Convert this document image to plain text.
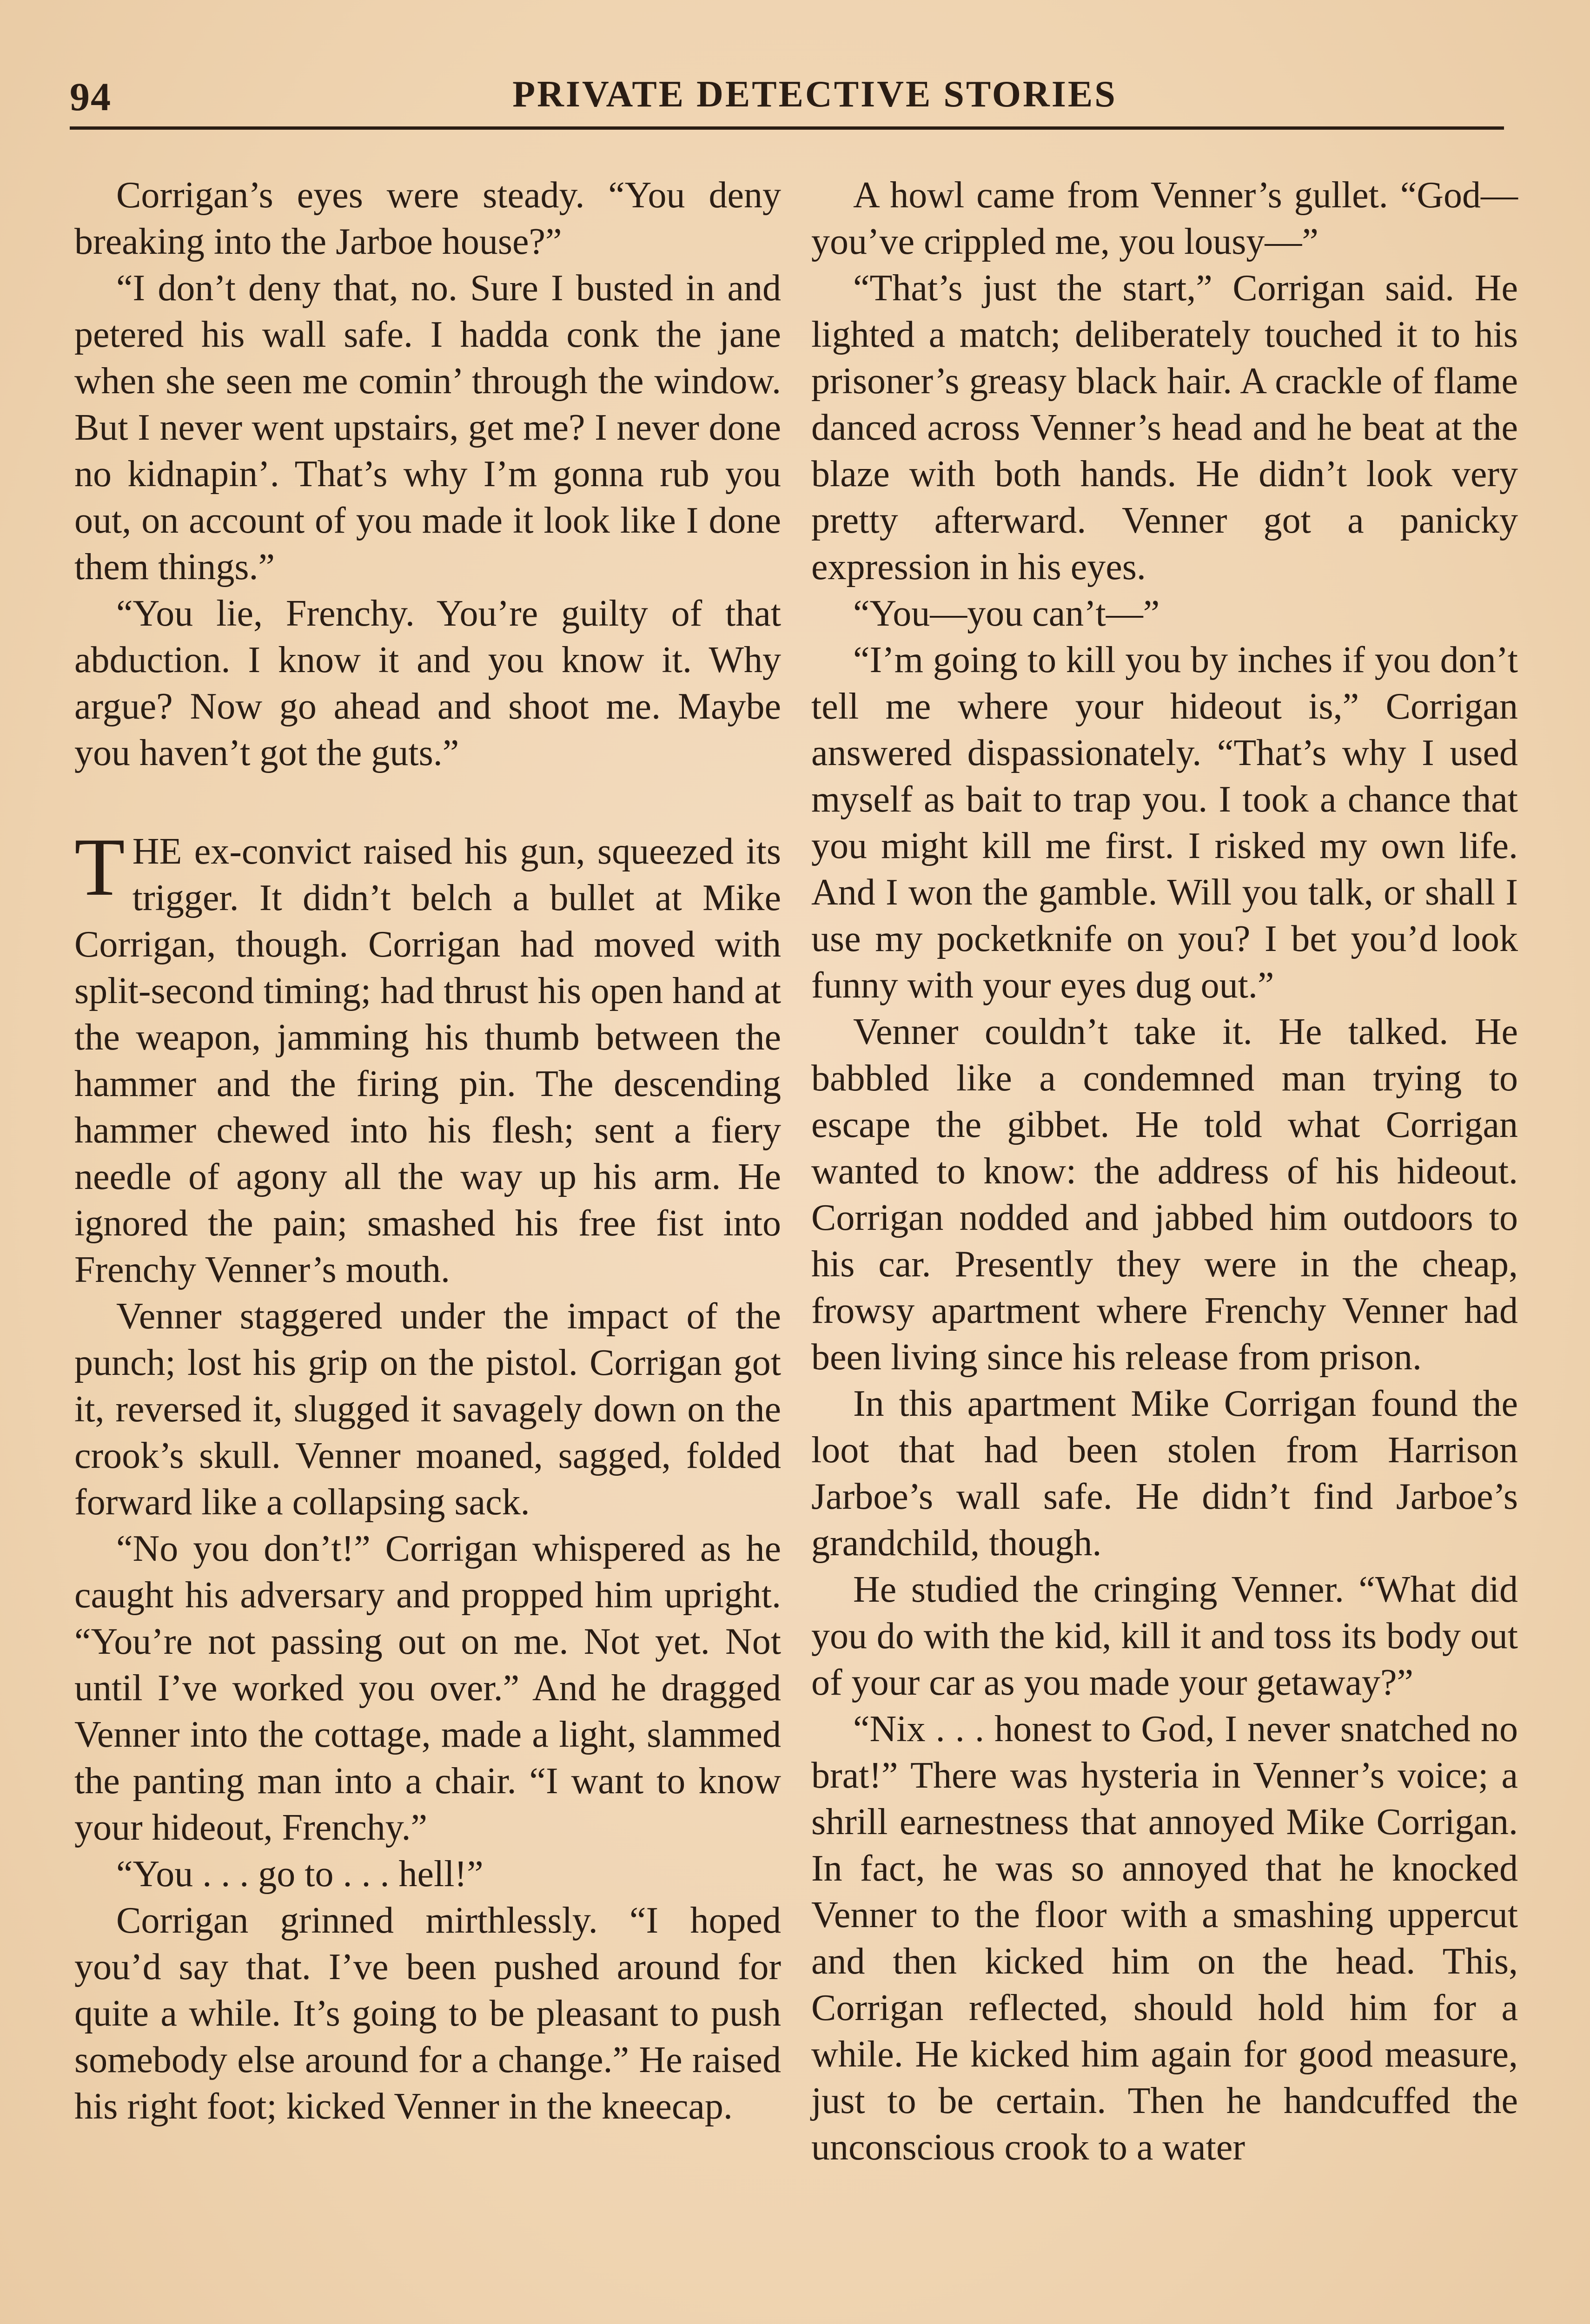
94	PRIVATE DETECTIVE STORIES

Corrigan’s eyes were steady. “You deny breaking into the Jarboe house?”

“I don’t deny that, no. Sure I busted in and petered his wall safe. I hadda conk the jane when she seen me comin’ through the window. But I never went upstairs, get me? I never done no kidnapin’. That’s why I’m gonna rub you out, on account of you made it look like I done them things.”

“You lie, Frenchy. You’re guilty of that abduction. I know it and you know it. Why argue? Now go ahead and shoot me. Maybe you haven’t got the guts.”

THE ex-convict raised his gun, squeezed its trigger. It didn’t belch a bullet at Mike Corrigan, though. Corrigan had moved with split-second timing; had thrust his open hand at the weapon, jamming his thumb between the hammer and the firing pin. The descending hammer chewed into his flesh; sent a fiery needle of agony all the way up his arm. He ignored the pain; smashed his free fist into Frenchy Venner’s mouth.

Venner staggered under the impact of the punch; lost his grip on the pistol. Corrigan got it, reversed it, slugged it savagely down on the crook’s skull. Venner moaned, sagged, folded forward like a collapsing sack.

“No you don’t!” Corrigan whispered as he caught his adversary and propped him upright. “You’re not passing out on me. Not yet. Not until I’ve worked you over.” And he dragged Venner into the cottage, made a light, slammed the panting man into a chair. “I want to know your hideout, Frenchy.”

“You . . . go to . . . hell!”

Corrigan grinned mirthlessly. “I hoped you’d say that. I’ve been pushed around for quite a while. It’s going to be pleasant to push somebody else around for a change.” He raised his right foot; kicked Venner in the kneecap.

A howl came from Venner’s gullet. “God—you’ve crippled me, you lousy—”

“That’s just the start,” Corrigan said. He lighted a match; deliberately touched it to his prisoner’s greasy black hair. A crackle of flame danced across Venner’s head and he beat at the blaze with both hands. He didn’t look very pretty afterward. Venner got a panicky expression in his eyes.

“You—you can’t—”

“I’m going to kill you by inches if you don’t tell me where your hideout is,” Corrigan answered dispassionately. “That’s why I used myself as bait to trap you. I took a chance that you might kill me first. I risked my own life. And I won the gamble. Will you talk, or shall I use my pocketknife on you? I bet you’d look funny with your eyes dug out.”

Venner couldn’t take it. He talked. He babbled like a condemned man trying to escape the gibbet. He told what Corrigan wanted to know: the address of his hideout. Corrigan nodded and jabbed him outdoors to his car. Presently they were in the cheap, frowsy apartment where Frenchy Venner had been living since his release from prison.

In this apartment Mike Corrigan found the loot that had been stolen from Harrison Jarboe’s wall safe. He didn’t find Jarboe’s grandchild, though.

He studied the cringing Venner. “What did you do with the kid, kill it and toss its body out of your car as you made your getaway?”

“Nix . . . honest to God, I never snatched no brat!” There was hysteria in Venner’s voice; a shrill earnestness that annoyed Mike Corrigan. In fact, he was so annoyed that he knocked Venner to the floor with a smashing uppercut and then kicked him on the head. This, Corrigan reflected, should hold him for a while. He kicked him again for good measure, just to be certain. Then he handcuffed the unconscious crook to a water
